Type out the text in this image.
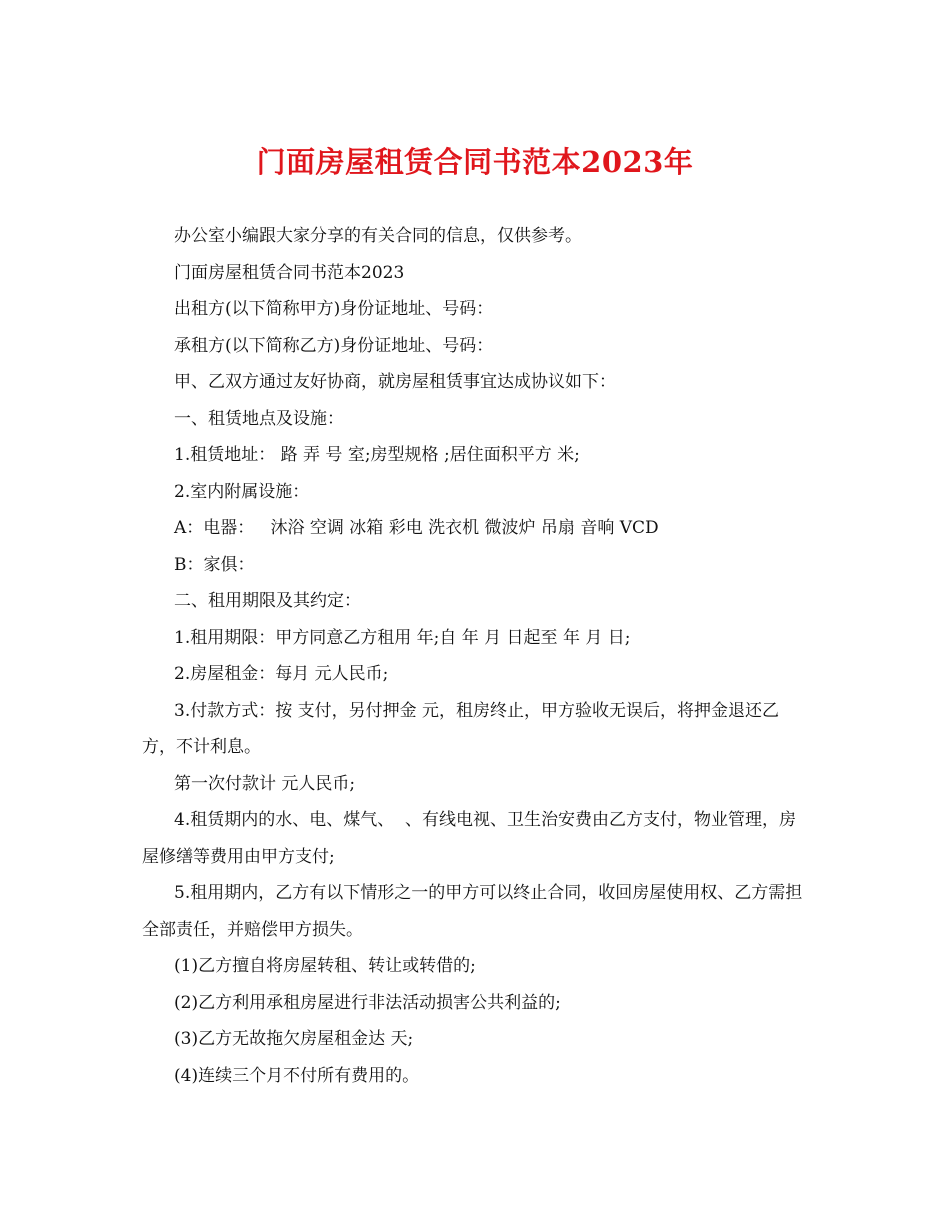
门面房屋租赁合同书范本2023年

办公室小编跟大家分享的有关合同的信息，仅供参考。

门面房屋租赁合同书范本2023

出租方(以下简称甲方)身份证地址、号码：

承租方(以下简称乙方)身份证地址、号码：

甲、乙双方通过友好协商，就房屋租赁事宜达成协议如下：

一、租赁地点及设施：

1.租赁地址： 路 弄 号 室;房型规格 ;居住面积平方 米;

2.室内附属设施：

A：电器：   沐浴 空调 冰箱 彩电 洗衣机 微波炉 吊扇 音响 VCD

B：家俱：

二、租用期限及其约定：

1.租用期限：甲方同意乙方租用 年;自 年 月 日起至 年 月 日;

2.房屋租金：每月 元人民币;

3.付款方式：按 支付，另付押金 元，租房终止，甲方验收无误后，将押金退还乙方，不计利息。

第一次付款计 元人民币;

4.租赁期内的水、电、煤气、  、有线电视、卫生治安费由乙方支付，物业管理，房屋修缮等费用由甲方支付;

5.租用期内，乙方有以下情形之一的甲方可以终止合同，收回房屋使用权、乙方需担全部责任，并赔偿甲方损失。

(1)乙方擅自将房屋转租、转让或转借的;

(2)乙方利用承租房屋进行非法活动损害公共利益的;

(3)乙方无故拖欠房屋租金达 天;

(4)连续三个月不付所有费用的。
